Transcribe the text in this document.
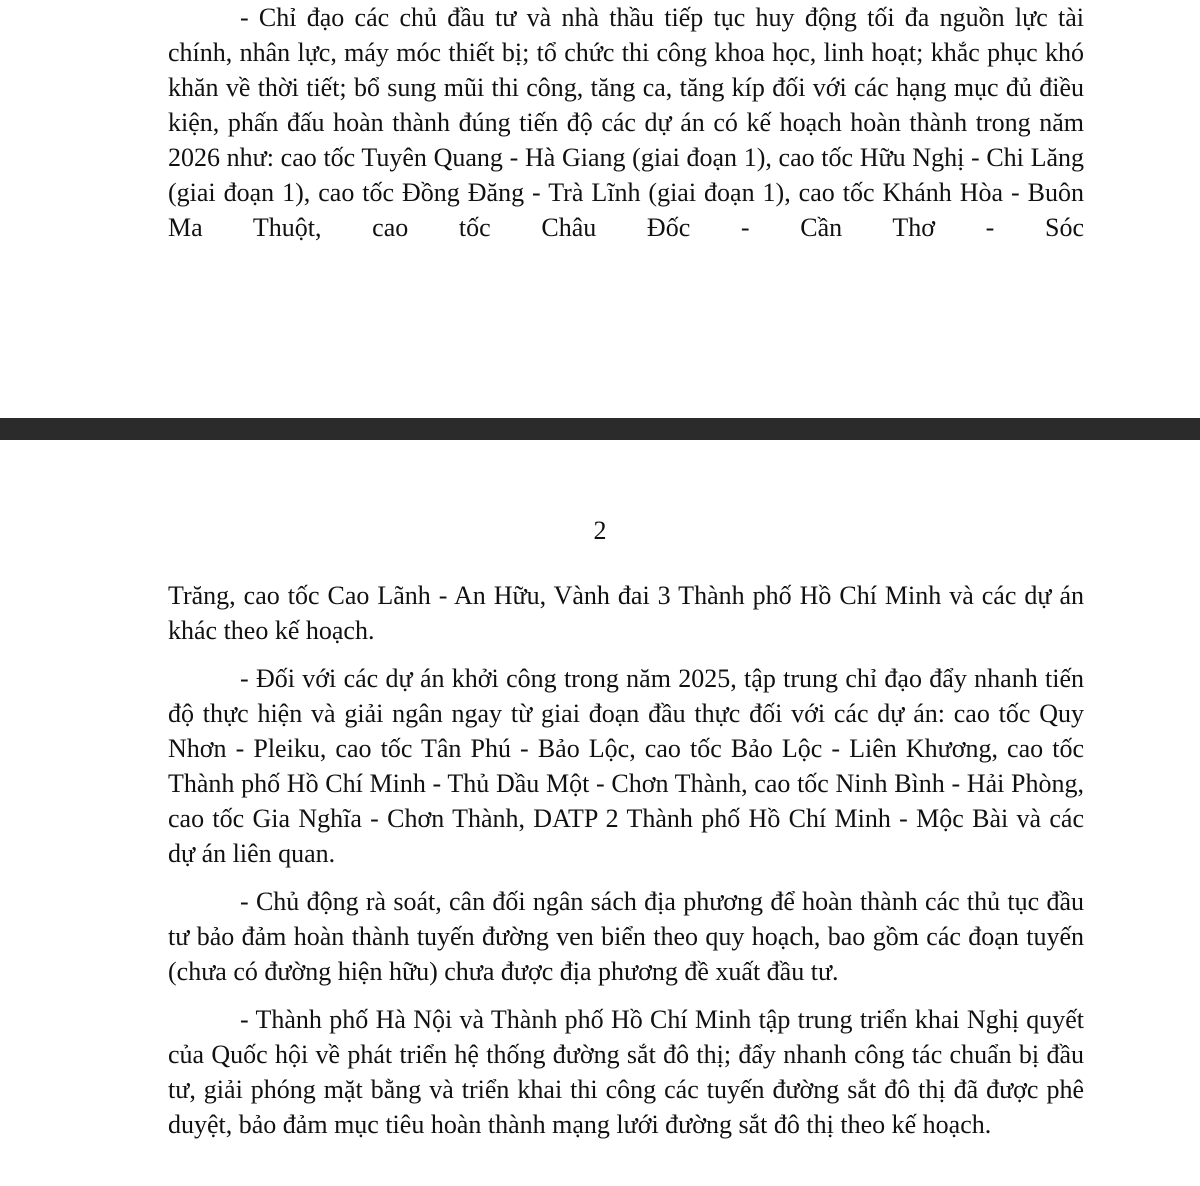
- Chỉ đạo các chủ đầu tư và nhà thầu tiếp tục huy động tối đa nguồn lực tài chính, nhân lực, máy móc thiết bị; tổ chức thi công khoa học, linh hoạt; khắc phục khó khăn về thời tiết; bổ sung mũi thi công, tăng ca, tăng kíp đối với các hạng mục đủ điều kiện, phấn đấu hoàn thành đúng tiến độ các dự án có kế hoạch hoàn thành trong năm 2026 như: cao tốc Tuyên Quang - Hà Giang (giai đoạn 1), cao tốc Hữu Nghị - Chi Lăng (giai đoạn 1), cao tốc Đồng Đăng - Trà Lĩnh (giai đoạn 1), cao tốc Khánh Hòa - Buôn Ma Thuột, cao tốc Châu Đốc - Cần Thơ - Sóc

2

Trăng, cao tốc Cao Lãnh - An Hữu, Vành đai 3 Thành phố Hồ Chí Minh và các dự án khác theo kế hoạch.

- Đối với các dự án khởi công trong năm 2025, tập trung chỉ đạo đẩy nhanh tiến độ thực hiện và giải ngân ngay từ giai đoạn đầu thực đối với các dự án: cao tốc Quy Nhơn - Pleiku, cao tốc Tân Phú - Bảo Lộc, cao tốc Bảo Lộc - Liên Khương, cao tốc Thành phố Hồ Chí Minh - Thủ Dầu Một - Chơn Thành, cao tốc Ninh Bình - Hải Phòng, cao tốc Gia Nghĩa - Chơn Thành, DATP 2 Thành phố Hồ Chí Minh - Mộc Bài và các dự án liên quan.

- Chủ động rà soát, cân đối ngân sách địa phương để hoàn thành các thủ tục đầu tư bảo đảm hoàn thành tuyến đường ven biển theo quy hoạch, bao gồm các đoạn tuyến (chưa có đường hiện hữu) chưa được địa phương đề xuất đầu tư.

- Thành phố Hà Nội và Thành phố Hồ Chí Minh tập trung triển khai Nghị quyết của Quốc hội về phát triển hệ thống đường sắt đô thị; đẩy nhanh công tác chuẩn bị đầu tư, giải phóng mặt bằng và triển khai thi công các tuyến đường sắt đô thị đã được phê duyệt, bảo đảm mục tiêu hoàn thành mạng lưới đường sắt đô thị theo kế hoạch.
